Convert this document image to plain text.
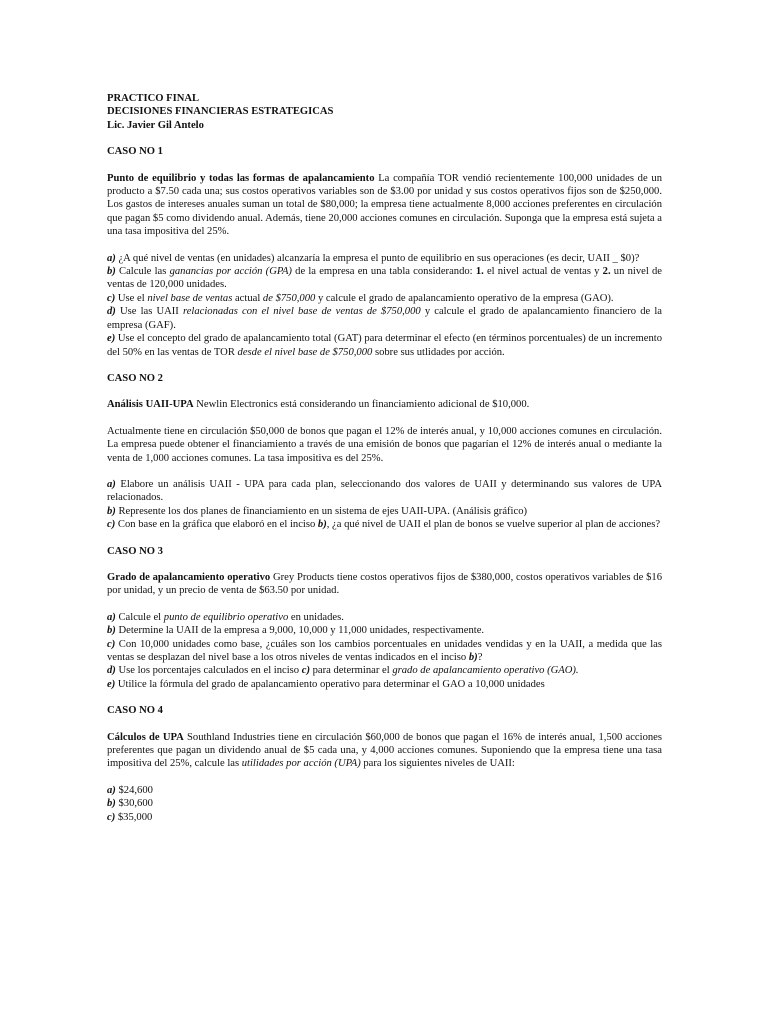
PRACTICO FINAL
DECISIONES FINANCIERAS ESTRATEGICAS
Lic. Javier Gil Antelo
CASO NO 1
Punto de equilibrio y todas las formas de apalancamiento La compañía TOR vendió recientemente 100,000 unidades de un producto a $7.50 cada una; sus costos operativos variables son de $3.00 por unidad y sus costos operativos fijos son de $250,000. Los gastos de intereses anuales suman un total de $80,000; la empresa tiene actualmente 8,000 acciones preferentes en circulación que pagan $5 como dividendo anual. Además, tiene 20,000 acciones comunes en circulación. Suponga que la empresa está sujeta a una tasa impositiva del 25%.
a) ¿A qué nivel de ventas (en unidades) alcanzaría la empresa el punto de equilibrio en sus operaciones (es decir, UAII _ $0)?
b) Calcule las ganancias por acción (GPA) de la empresa en una tabla considerando: 1. el nivel actual de ventas y 2. un nivel de ventas de 120,000 unidades.
c) Use el nivel base de ventas actual de $750,000 y calcule el grado de apalancamiento operativo de la empresa (GAO).
d) Use las UAII relacionadas con el nivel base de ventas de $750,000 y calcule el grado de apalancamiento financiero de la empresa (GAF).
e) Use el concepto del grado de apalancamiento total (GAT) para determinar el efecto (en términos porcentuales) de un incremento del 50% en las ventas de TOR desde el nivel base de $750,000 sobre sus utlidades por acción.
CASO NO 2
Análisis UAII-UPA Newlin Electronics está considerando un financiamiento adicional de $10,000.
Actualmente tiene en circulación $50,000 de bonos que pagan el 12% de interés anual, y 10,000 acciones comunes en circulación. La empresa puede obtener el financiamiento a través de una emisión de bonos que pagarían el 12% de interés anual o mediante la venta de 1,000 acciones comunes. La tasa impositiva es del 25%.
a) Elabore un análisis UAII - UPA para cada plan, seleccionando dos valores de UAII y determinando sus valores de UPA relacionados.
b) Represente los dos planes de financiamiento en un sistema de ejes UAII-UPA. (Análisis gráfico)
c) Con base en la gráfica que elaboró en el inciso b), ¿a qué nivel de UAII el plan de bonos se vuelve superior al plan de acciones?
CASO NO 3
Grado de apalancamiento operativo Grey Products tiene costos operativos fijos de $380,000, costos operativos variables de $16 por unidad, y un precio de venta de $63.50 por unidad.
a) Calcule el punto de equilibrio operativo en unidades.
b) Determine la UAII de la empresa a 9,000, 10,000 y 11,000 unidades, respectivamente.
c) Con 10,000 unidades como base, ¿cuáles son los cambios porcentuales en unidades vendidas y en la UAII, a medida que las ventas se desplazan del nivel base a los otros niveles de ventas indicados en el inciso b)?
d) Use los porcentajes calculados en el inciso c) para determinar el grado de apalancamiento operativo (GAO).
e) Utilice la fórmula del grado de apalancamiento operativo para determinar el GAO a 10,000 unidades
CASO NO 4
Cálculos de UPA Southland Industries tiene en circulación $60,000 de bonos que pagan el 16% de interés anual, 1,500 acciones preferentes que pagan un dividendo anual de $5 cada una, y 4,000 acciones comunes. Suponiendo que la empresa tiene una tasa impositiva del 25%, calcule las utilidades por acción (UPA) para los siguientes niveles de UAII:
a) $24,600
b) $30,600
c) $35,000
